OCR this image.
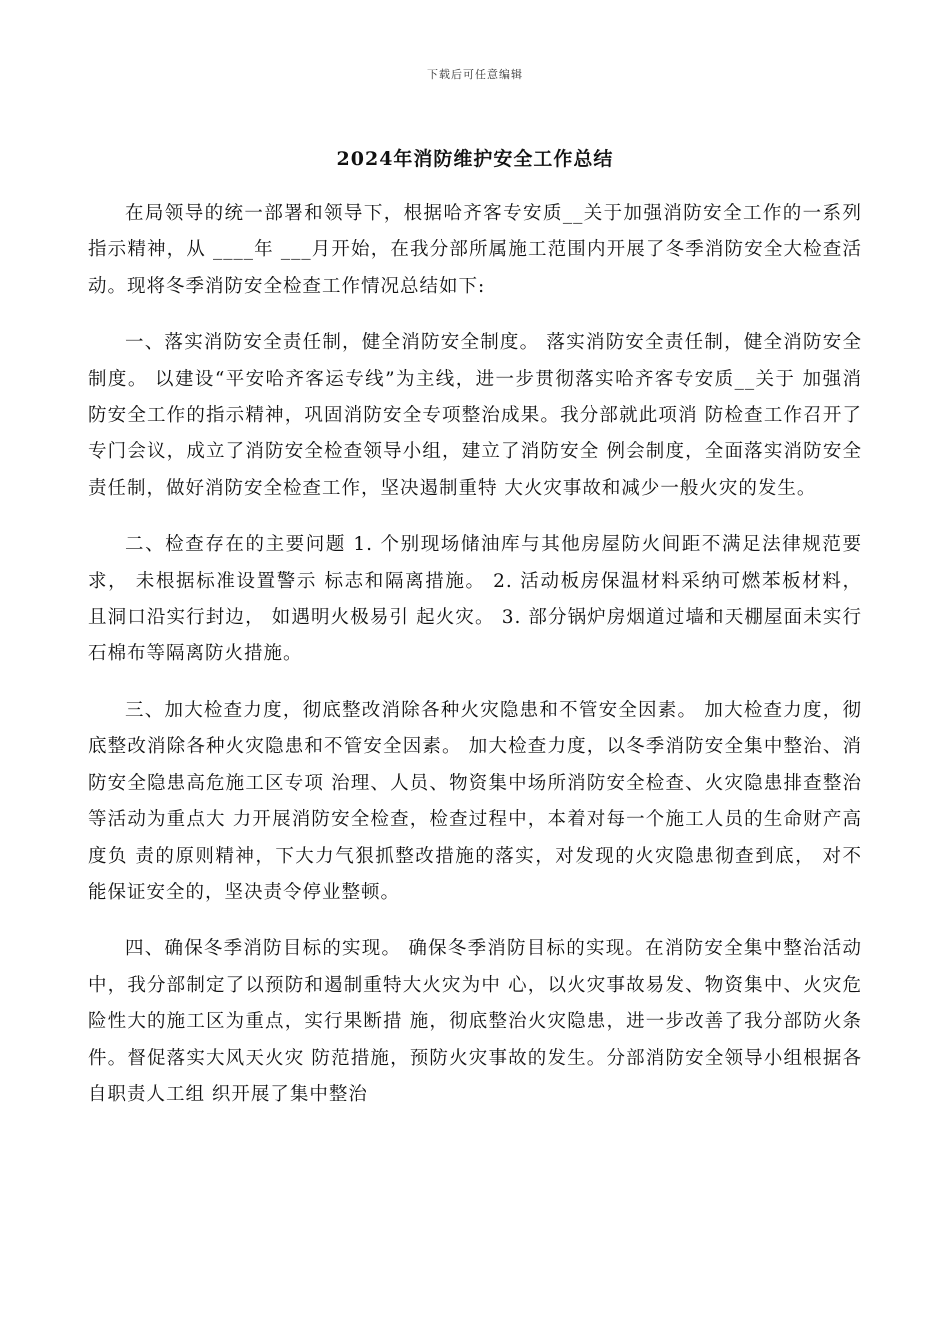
下载后可任意编辑
2024年消防维护安全工作总结

在局领导的统一部署和领导下，根据哈齐客专安质__关于加强消防安全工作的一系列指示精神，从 ____年 ___月开始，在我分部所属施工范围内开展了冬季消防安全大检查活动。现将冬季消防安全检查工作情况总结如下:

一、落实消防安全责任制，健全消防安全制度。 落实消防安全责任制，健全消防安全制度。 以建设“平安哈齐客运专线”为主线，进一步贯彻落实哈齐客专安质__关于 加强消防安全工作的指示精神，巩固消防安全专项整治成果。我分部就此项消 防检查工作召开了专门会议，成立了消防安全检查领导小组，建立了消防安全 例会制度，全面落实消防安全责任制，做好消防安全检查工作，坚决遏制重特 大火灾事故和减少一般火灾的发生。

二、检查存在的主要问题 1. 个别现场储油库与其他房屋防火间距不满足法律规范要求， 未根据标准设置警示 标志和隔离措施。 2. 活动板房保温材料采纳可燃苯板材料， 且洞口沿实行封边， 如遇明火极易引 起火灾。 3. 部分锅炉房烟道过墙和天棚屋面未实行石棉布等隔离防火措施。

三、加大检查力度，彻底整改消除各种火灾隐患和不管安全因素。 加大检查力度，彻底整改消除各种火灾隐患和不管安全因素。 加大检查力度，以冬季消防安全集中整治、消防安全隐患高危施工区专项 治理、人员、物资集中场所消防安全检查、火灾隐患排查整治等活动为重点大 力开展消防安全检查，检查过程中，本着对每一个施工人员的生命财产高度负 责的原则精神，下大力气狠抓整改措施的落实，对发现的火灾隐患彻查到底， 对不能保证安全的，坚决责令停业整顿。

四、确保冬季消防目标的实现。 确保冬季消防目标的实现。在消防安全集中整治活动中，我分部制定了以预防和遏制重特大火灾为中 心，以火灾事故易发、物资集中、火灾危险性大的施工区为重点，实行果断措 施，彻底整治火灾隐患，进一步改善了我分部防火条件。督促落实大风天火灾 防范措施，预防火灾事故的发生。分部消防安全领导小组根据各自职责人工组 织开展了集中整治
